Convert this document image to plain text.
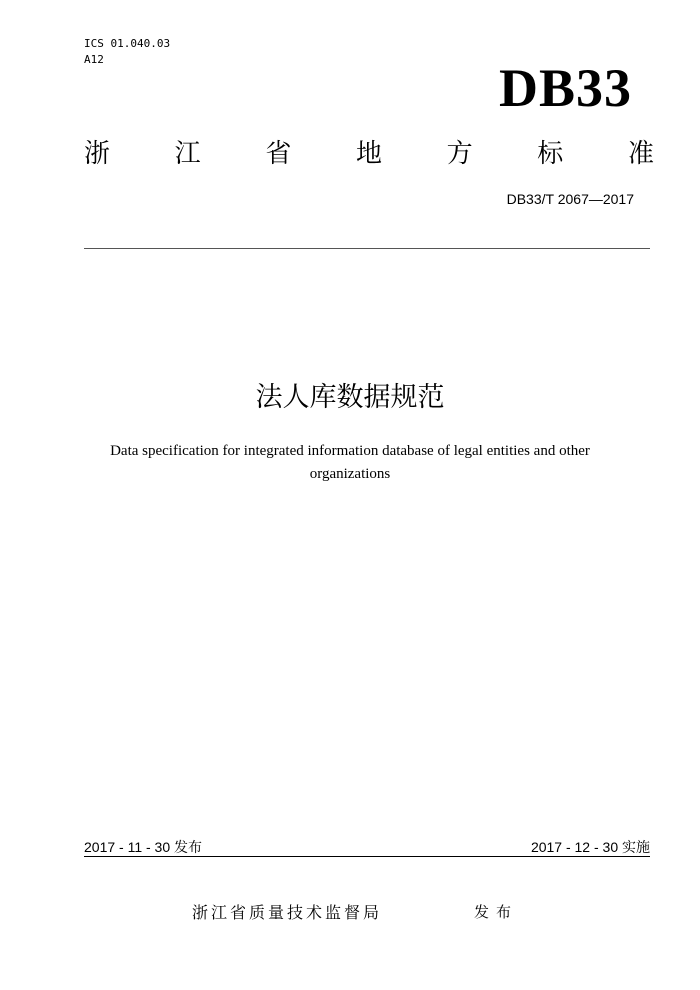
ICS 01.040.03
A12	DB33
浙 江 省 地 方 标 准
DB33/T 2067—2017
法人库数据规范
Data specification for integrated information database of legal entities and other organizations
2017 - 11 - 30 发布	2017 - 12 - 30 实施
浙江省质量技术监督局	发布
